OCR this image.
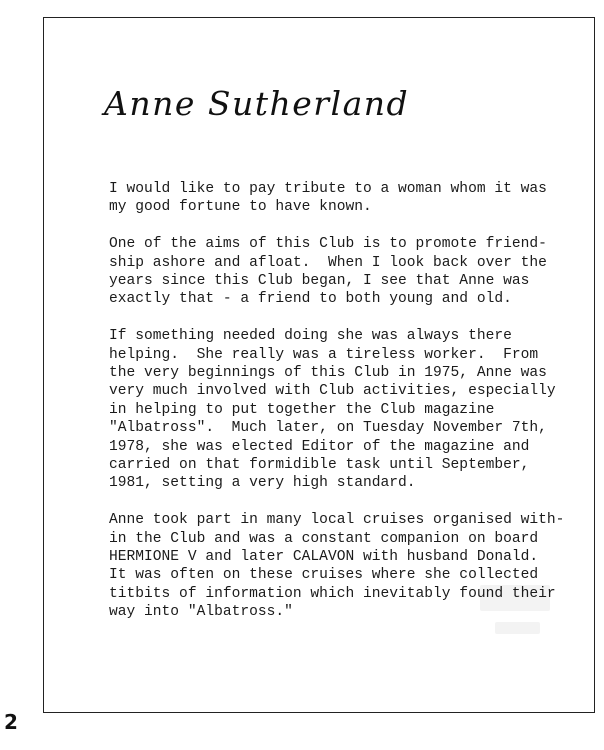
Anne Sutherland

I would like to pay tribute to a woman whom it was
my good fortune to have known.

One of the aims of this Club is to promote friend-
ship ashore and afloat.  When I look back over the
years since this Club began, I see that Anne was
exactly that - a friend to both young and old.

If something needed doing she was always there
helping.  She really was a tireless worker.  From
the very beginnings of this Club in 1975, Anne was
very much involved with Club activities, especially
in helping to put together the Club magazine
"Albatross".  Much later, on Tuesday November 7th,
1978, she was elected Editor of the magazine and
carried on that formidible task until September,
1981, setting a very high standard.

Anne took part in many local cruises organised with-
in the Club and was a constant companion on board
HERMIONE V and later CALAVON with husband Donald.
It was often on these cruises where she collected
titbits of information which inevitably found their
way into "Albatross."

2
